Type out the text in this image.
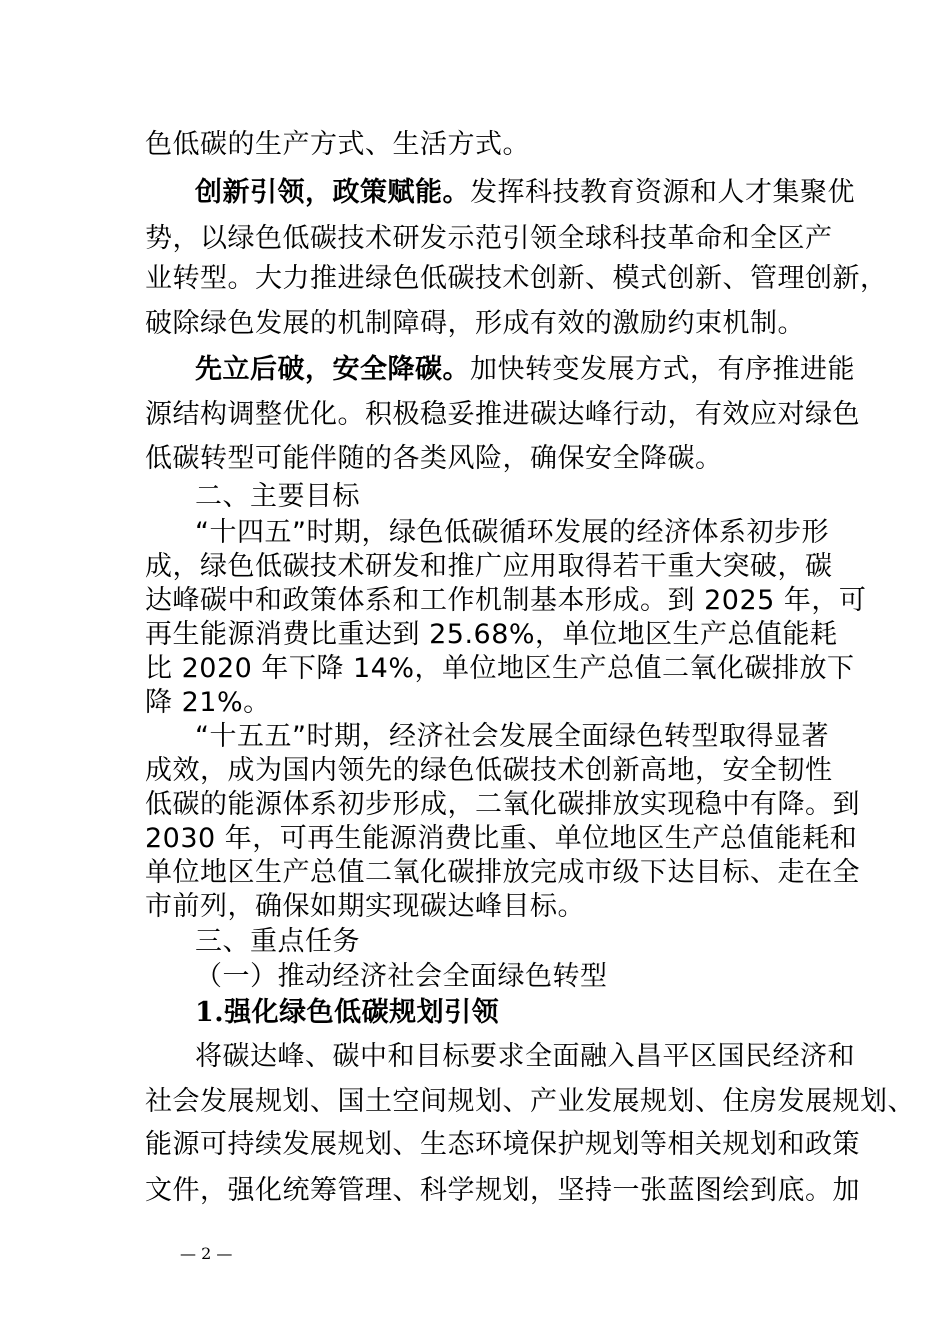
色低碳的生产方式、生活方式。
创新引领，政策赋能。发挥科技教育资源和人才集聚优
势，以绿色低碳技术研发示范引领全球科技革命和全区产
业转型。大力推进绿色低碳技术创新、模式创新、管理创新，
破除绿色发展的机制障碍，形成有效的激励约束机制。
先立后破，安全降碳。加快转变发展方式，有序推进能
源结构调整优化。积极稳妥推进碳达峰行动，有效应对绿色
低碳转型可能伴随的各类风险，确保安全降碳。
二、主要目标
“十四五”时期，绿色低碳循环发展的经济体系初步形
成，绿色低碳技术研发和推广应用取得若干重大突破，碳
达峰碳中和政策体系和工作机制基本形成。到 2025 年，可
再生能源消费比重达到 25.68%，单位地区生产总值能耗
比 2020 年下降 14%，单位地区生产总值二氧化碳排放下
降 21%。
“十五五”时期，经济社会发展全面绿色转型取得显著
成效，成为国内领先的绿色低碳技术创新高地，安全韧性
低碳的能源体系初步形成，二氧化碳排放实现稳中有降。到
2030 年，可再生能源消费比重、单位地区生产总值能耗和
单位地区生产总值二氧化碳排放完成市级下达目标、走在全
市前列，确保如期实现碳达峰目标。
三、重点任务
（一）推动经济社会全面绿色转型
1.强化绿色低碳规划引领
将碳达峰、碳中和目标要求全面融入昌平区国民经济和
社会发展规划、国土空间规划、产业发展规划、住房发展规划、
能源可持续发展规划、生态环境保护规划等相关规划和政策
文件，强化统筹管理、科学规划，坚持一张蓝图绘到底。加
— 2 —
